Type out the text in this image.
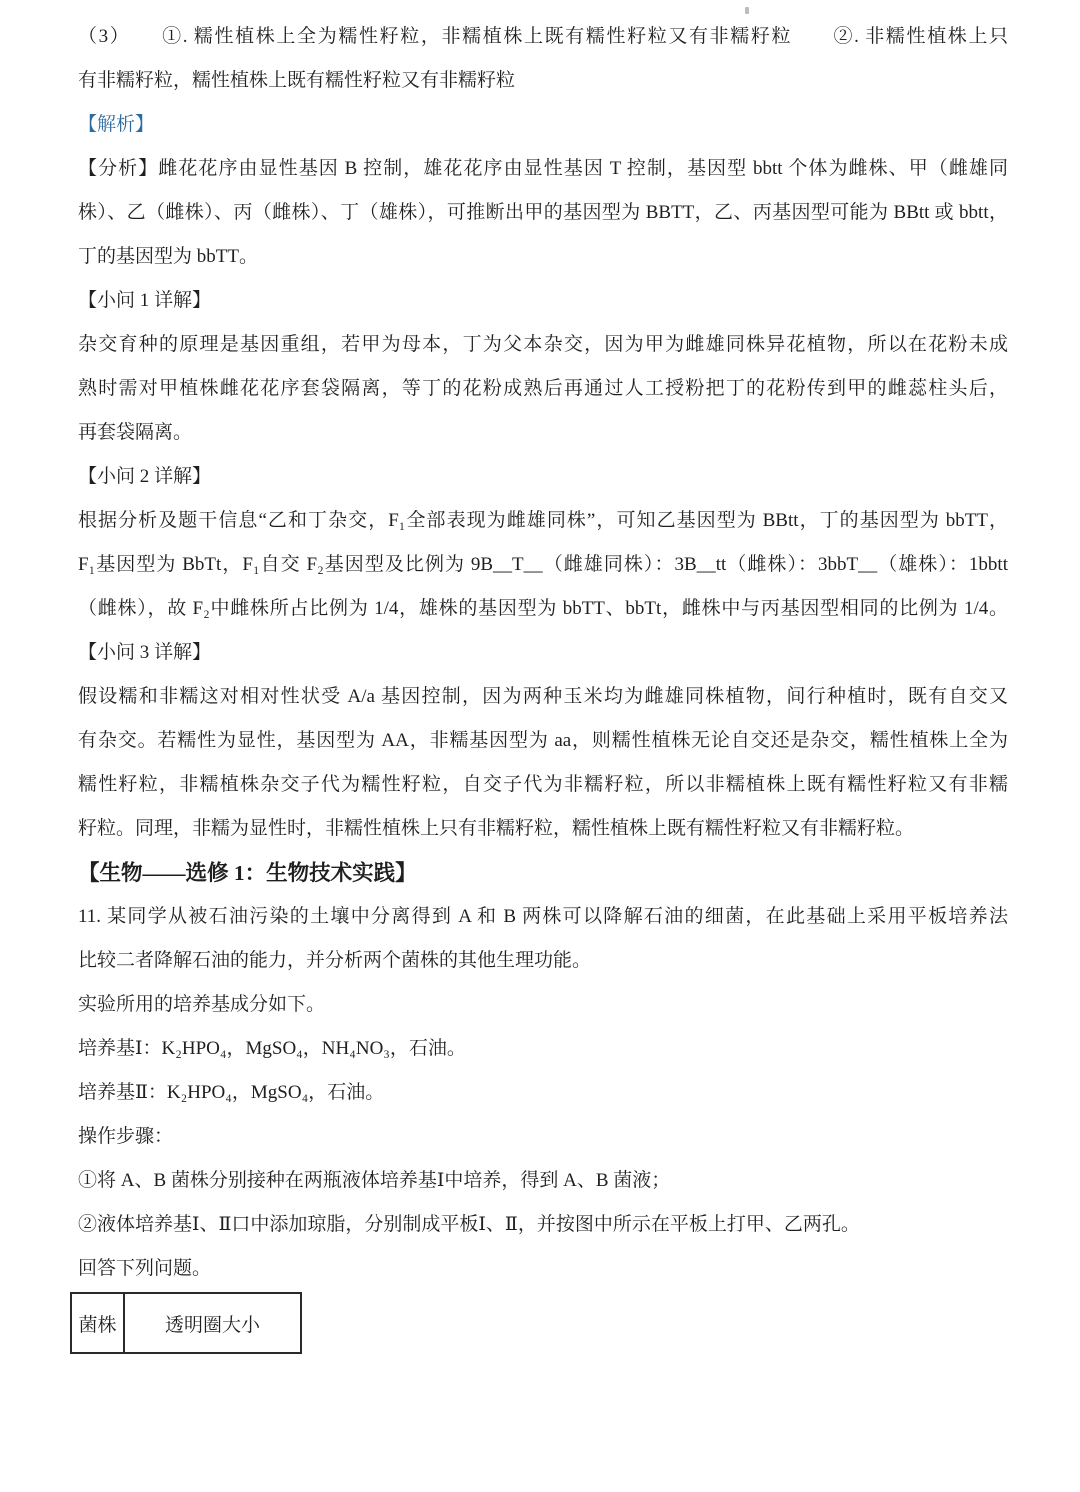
（3）　　①. 糯性植株上全为糯性籽粒，非糯植株上既有糯性籽粒又有非糯籽粒　　②. 非糯性植株上只
有非糯籽粒，糯性植株上既有糯性籽粒又有非糯籽粒
【解析】
【分析】雌花花序由显性基因 B 控制，雄花花序由显性基因 T 控制，基因型 bbtt 个体为雌株、甲（雌雄同
株）、乙（雌株）、丙（雌株）、丁（雄株），可推断出甲的基因型为 BBTT，乙、丙基因型可能为 BBtt 或 bbtt，
丁的基因型为 bbTT。
【小问 1 详解】
杂交育种的原理是基因重组，若甲为母本，丁为父本杂交，因为甲为雌雄同株异花植物，所以在花粉未成
熟时需对甲植株雌花花序套袋隔离，等丁的花粉成熟后再通过人工授粉把丁的花粉传到甲的雌蕊柱头后，
再套袋隔离。
【小问 2 详解】
根据分析及题干信息“乙和丁杂交，F₁全部表现为雌雄同株”，可知乙基因型为 BBtt，丁的基因型为 bbTT，
F₁基因型为 BbTt，F₁自交 F₂基因型及比例为 9B__T__（雌雄同株）：3B__tt（雌株）：3bbT__（雄株）：1bbtt
（雌株），故 F₂中雌株所占比例为 1/4，雄株的基因型为 bbTT、bbTt，雌株中与丙基因型相同的比例为 1/4。
【小问 3 详解】
假设糯和非糯这对相对性状受 A/a 基因控制，因为两种玉米均为雌雄同株植物，间行种植时，既有自交又
有杂交。若糯性为显性，基因型为 AA，非糯基因型为 aa，则糯性植株无论自交还是杂交，糯性植株上全为
糯性籽粒，非糯植株杂交子代为糯性籽粒，自交子代为非糯籽粒，所以非糯植株上既有糯性籽粒又有非糯
籽粒。同理，非糯为显性时，非糯性植株上只有非糯籽粒，糯性植株上既有糯性籽粒又有非糯籽粒。
【生物——选修 1：生物技术实践】
11. 某同学从被石油污染的土壤中分离得到 A 和 B 两株可以降解石油的细菌，在此基础上采用平板培养法
比较二者降解石油的能力，并分析两个菌株的其他生理功能。
实验所用的培养基成分如下。
培养基Ⅰ：K₂HPO₄，MgSO₄，NH₄NO₃，石油。
培养基Ⅱ：K₂HPO₄，MgSO₄，石油。
操作步骤：
①将 A、B 菌株分别接种在两瓶液体培养基Ⅰ中培养，得到 A、B 菌液；
②液体培养基Ⅰ、Ⅱ口中添加琼脂，分别制成平板Ⅰ、Ⅱ，并按图中所示在平板上打甲、乙两孔。
回答下列问题。
菌株	透明圈大小
